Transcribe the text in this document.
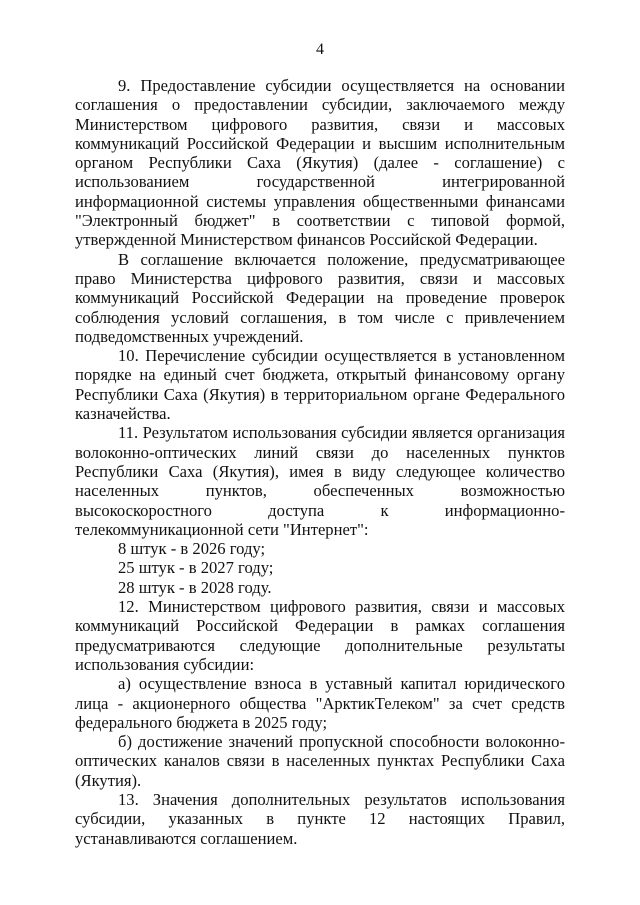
4

9. Предоставление субсидии осуществляется на основании соглашения о предоставлении субсидии, заключаемого между Министерством цифрового развития, связи и массовых коммуникаций Российской Федерации и высшим исполнительным органом Республики Саха (Якутия) (далее - соглашение) с использованием государственной интегрированной информационной системы управления общественными финансами "Электронный бюджет" в соответствии с типовой формой, утвержденной Министерством финансов Российской Федерации.

В соглашение включается положение, предусматривающее право Министерства цифрового развития, связи и массовых коммуникаций Российской Федерации на проведение проверок соблюдения условий соглашения, в том числе с привлечением подведомственных учреждений.

10. Перечисление субсидии осуществляется в установленном порядке на единый счет бюджета, открытый финансовому органу Республики Саха (Якутия) в территориальном органе Федерального казначейства.

11. Результатом использования субсидии является организация волоконно-оптических линий связи до населенных пунктов Республики Саха (Якутия), имея в виду следующее количество населенных пунктов, обеспеченных возможностью высокоскоростного доступа к информационно-телекоммуникационной сети "Интернет":

8 штук - в 2026 году;

25 штук - в 2027 году;

28 штук - в 2028 году.

12. Министерством цифрового развития, связи и массовых коммуникаций Российской Федерации в рамках соглашения предусматриваются следующие дополнительные результаты использования субсидии:

а) осуществление взноса в уставный капитал юридического лица - акционерного общества "АрктикТелеком" за счет средств федерального бюджета в 2025 году;

б) достижение значений пропускной способности волоконно-оптических каналов связи в населенных пунктах Республики Саха (Якутия).

13. Значения дополнительных результатов использования субсидии, указанных в пункте 12 настоящих Правил, устанавливаются соглашением.
